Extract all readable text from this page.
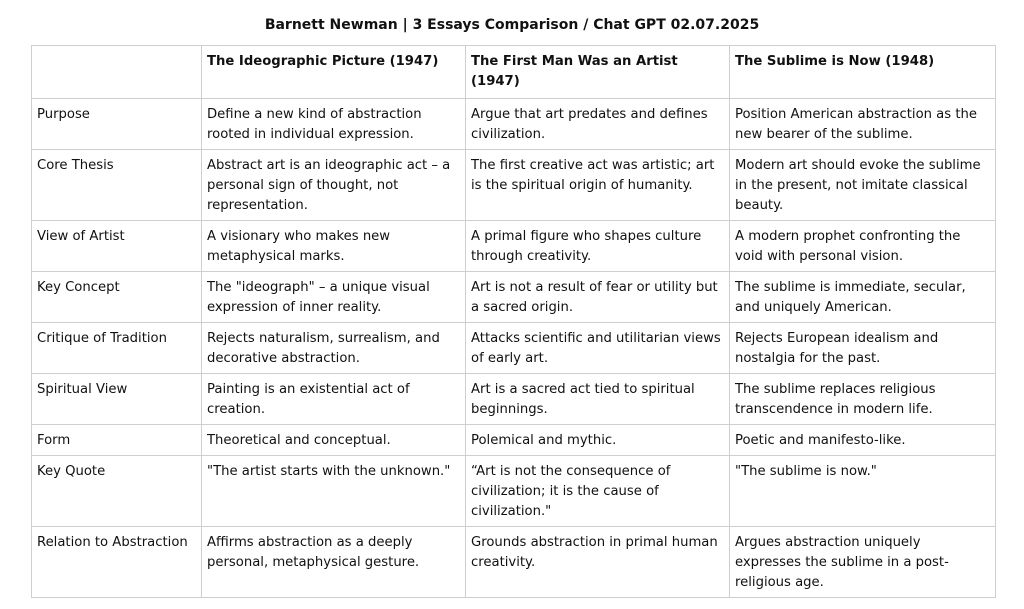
Barnett Newman | 3 Essays Comparison / Chat GPT 02.07.2025
	The Ideographic Picture (1947)	The First Man Was an Artist (1947)	The Sublime is Now (1948)
Purpose	Define a new kind of abstraction rooted in individual expression.	Argue that art predates and defines civilization.	Position American abstraction as the new bearer of the sublime.
Core Thesis	Abstract art is an ideographic act – a personal sign of thought, not representation.	The first creative act was artistic; art is the spiritual origin of humanity.	Modern art should evoke the sublime in the present, not imitate classical beauty.
View of Artist	A visionary who makes new metaphysical marks.	A primal figure who shapes culture through creativity.	A modern prophet confronting the void with personal vision.
Key Concept	The "ideograph" – a unique visual expression of inner reality.	Art is not a result of fear or utility but a sacred origin.	The sublime is immediate, secular, and uniquely American.
Critique of Tradition	Rejects naturalism, surrealism, and decorative abstraction.	Attacks scientific and utilitarian views of early art.	Rejects European idealism and nostalgia for the past.
Spiritual View	Painting is an existential act of creation.	Art is a sacred act tied to spiritual beginnings.	The sublime replaces religious transcendence in modern life.
Form	Theoretical and conceptual.	Polemical and mythic.	Poetic and manifesto-like.
Key Quote	"The artist starts with the unknown."	“Art is not the consequence of civilization; it is the cause of civilization."	"The sublime is now."
Relation to Abstraction	Affirms abstraction as a deeply personal, metaphysical gesture.	Grounds abstraction in primal human creativity.	Argues abstraction uniquely expresses the sublime in a post-religious age.
